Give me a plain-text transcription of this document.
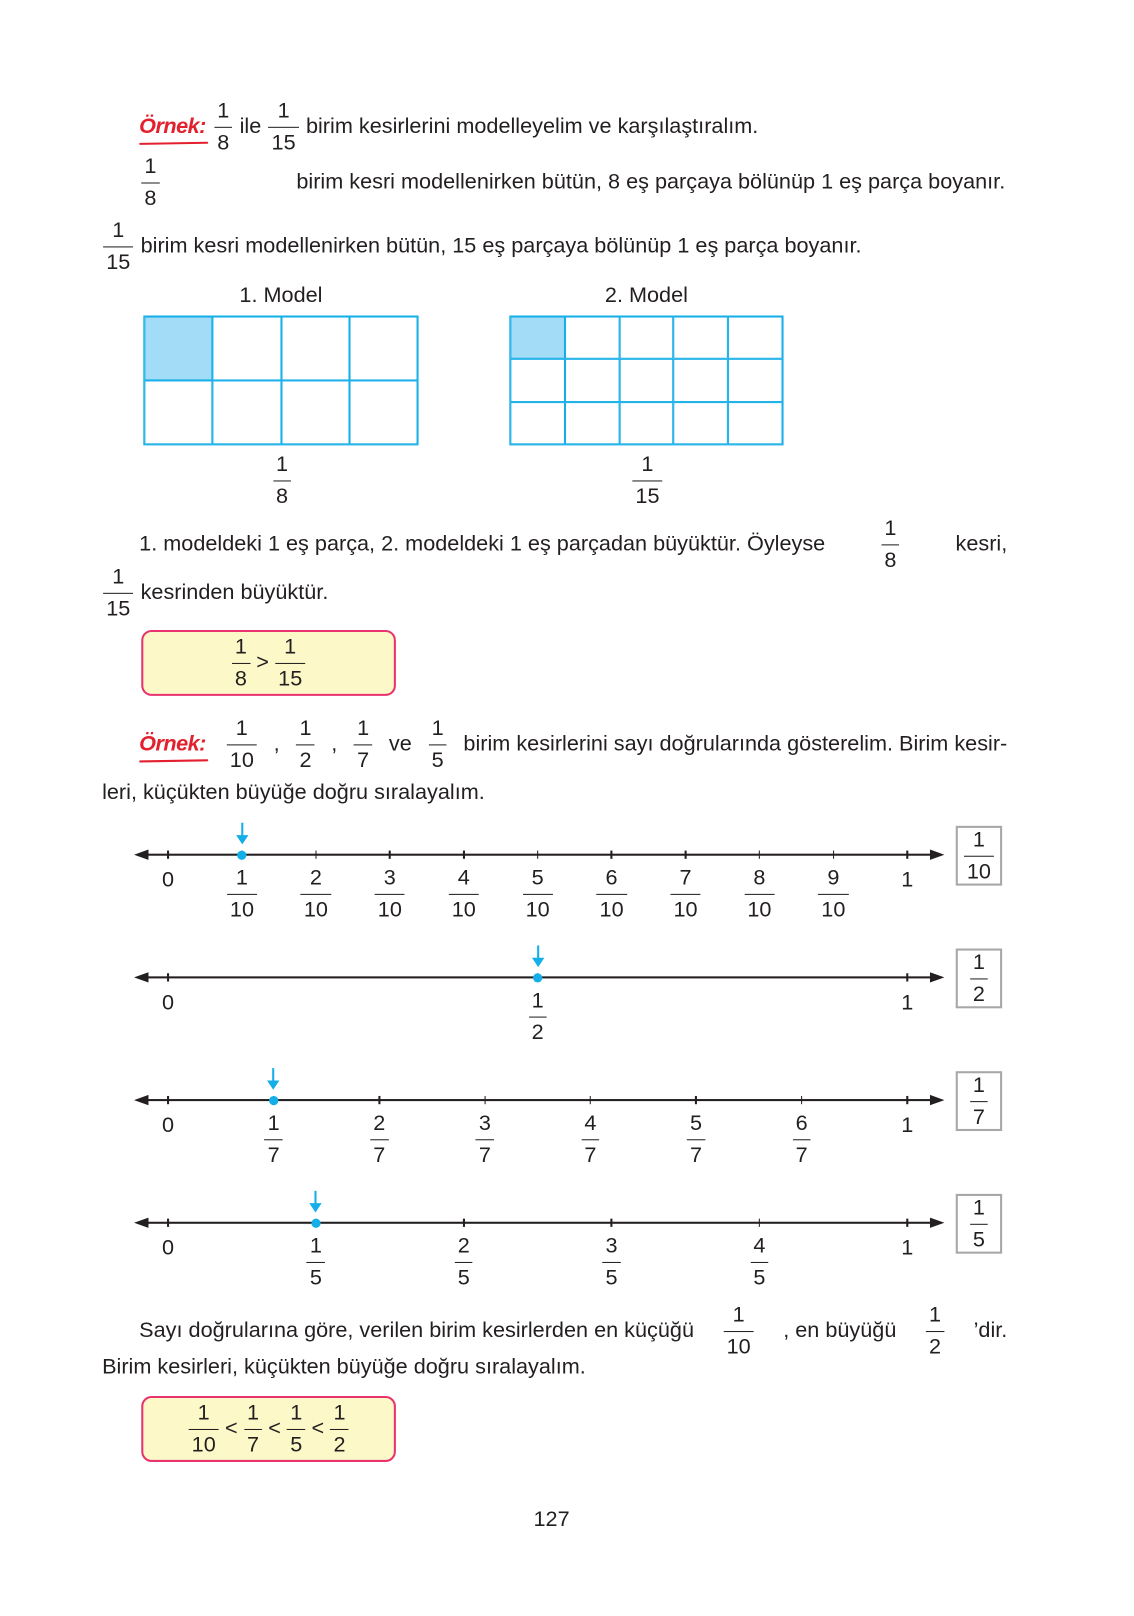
Örnek: $\frac{1}{8}$ ile $\frac{1}{15}$ birim kesirlerini modelleyelim ve karşılaştıralım.
$\frac{1}{8}$	birim kesri modellenirken bütün, 8 eş parçaya bölünüp 1 eş parça boyanır.
$\frac{1}{15}$ birim kesri modellenirken bütün, 15 eş parçaya bölünüp 1 eş parça boyanır.
1. modeldeki 1 eş parça, 2. modeldeki 1 eş parçadan büyüktür. Öyleyse	$\frac{1}{8}$	kesri,
$\frac{1}{15}$ kesrinden büyüktür.
Örnek: $\frac{1}{10}$ , $\frac{1}{2}$ , $\frac{1}{7}$ ve $\frac{1}{5}$ birim kesirlerini sayı doğrularında gösterelim. Birim kesir-
leri, küçükten büyüğe doğru sıralayalım.
Sayı doğrularına göre, verilen birim kesirlerden en küçüğü $\frac{1}{10}$ , en büyüğü $\frac{1}{2}$ ’dir.
Birim kesirleri, küçükten büyüğe doğru sıralayalım.
1. Model
$\frac{1}{8}$
2. Model
$\frac{1}{15}$
$\frac{1}{8} > \frac{1}{15}$
$\frac{1}{10} < \frac{1}{7} < \frac{1}{5} < \frac{1}{2}$
0	$\frac{1}{10} \frac{2}{10} \frac{3}{10} \frac{4}{10} \frac{5}{10} \frac{6}{10} \frac{7}{10} \frac{8}{10} \frac{9}{10}$	$1 \frac{1}{10}$
0	$\frac{1}{2}$	1	$\frac{1}{2}$
0	$\frac{1}{7}$	$\frac{2}{7}$	$\frac{3}{7}$	$\frac{4}{7}$	$\frac{5}{7}$	$\frac{6}{7}$	1	$\frac{1}{7}$
0	$\frac{1}{5}$	$\frac{2}{5}$	$\frac{3}{5}$	$\frac{4}{5}$	1	$\frac{1}{5}$
127
